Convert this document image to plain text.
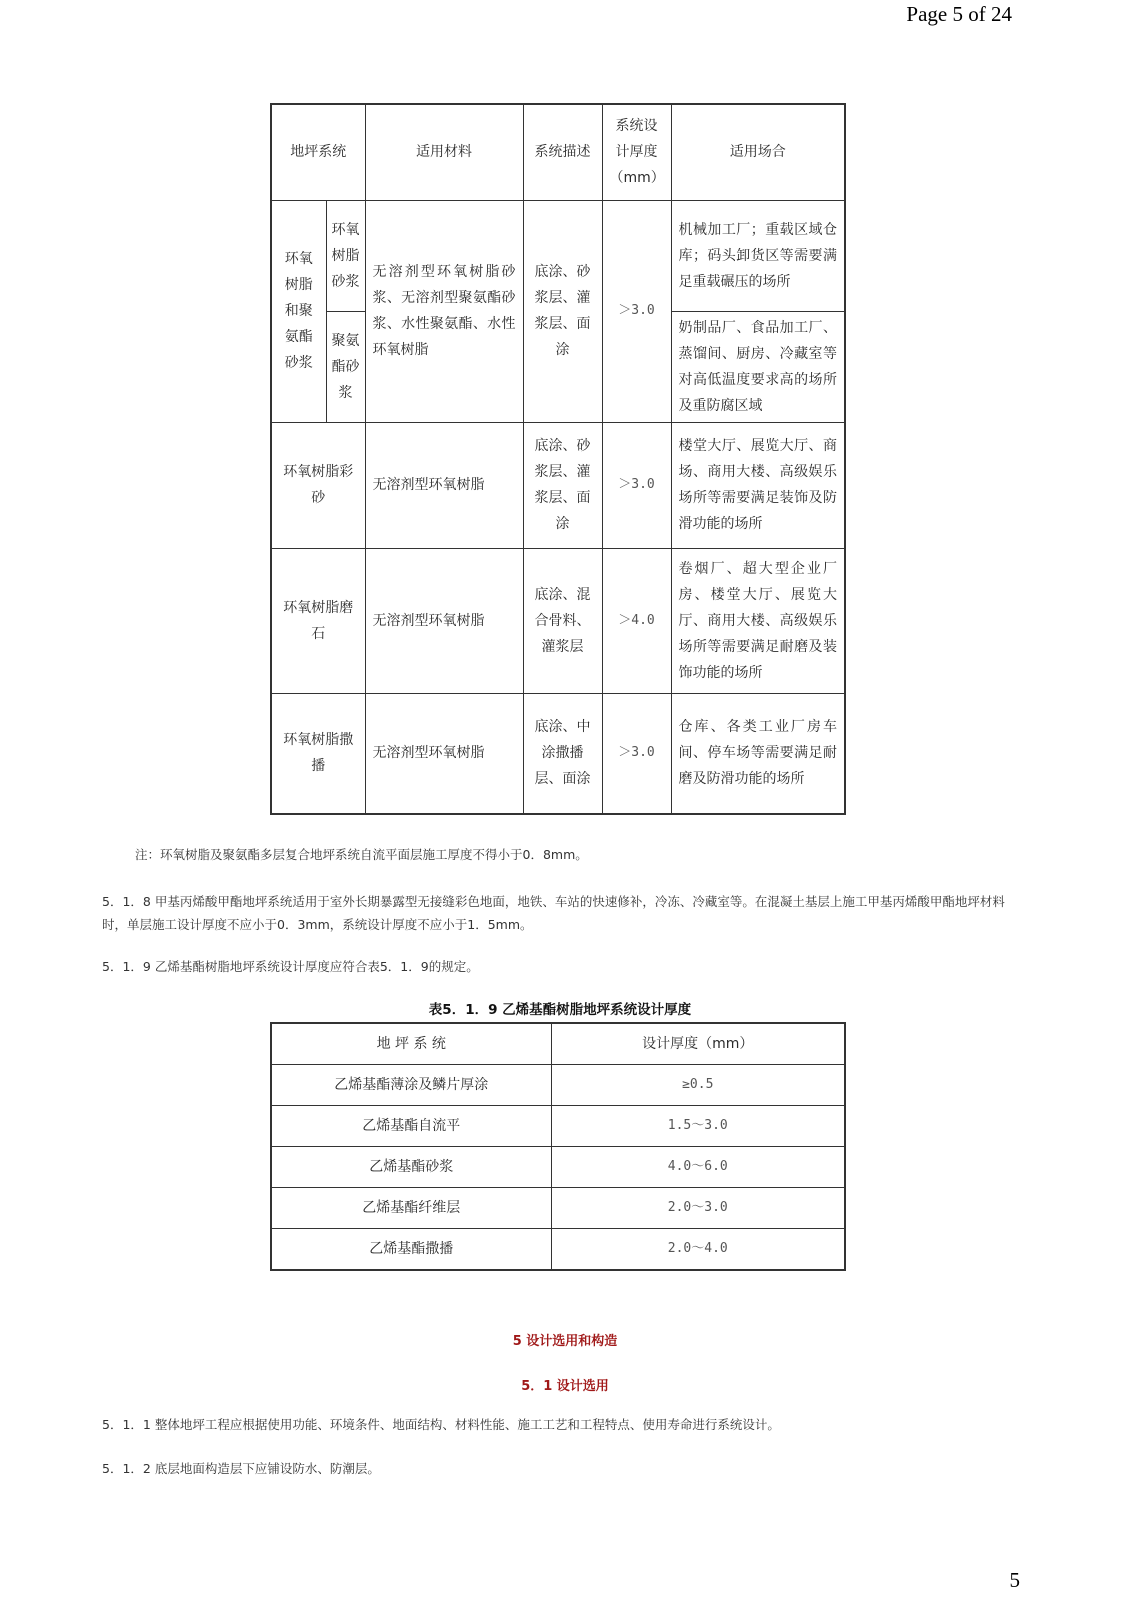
Page 5 of 24
地坪系统		适用材料	系统描述	系统设计厚度（mm）	适用场合
环氧树脂和聚氨酯砂浆	环氧树脂砂浆	无溶剂型环氧树脂砂浆、无溶剂型聚氨酯砂浆、水性聚氨酯、水性环氧树脂	底涂、砂浆层、灌浆层、面涂	＞3.0	机械加工厂；重载区域仓库；码头卸货区等需要满足重载碾压的场所
	聚氨酯砂浆				奶制品厂、食品加工厂、蒸馏间、厨房、冷藏室等对高低温度要求高的场所及重防腐区域
环氧树脂彩砂		无溶剂型环氧树脂	底涂、砂浆层、灌浆层、面涂	＞3.0	楼堂大厅、展览大厅、商场、商用大楼、高级娱乐场所等需要满足装饰及防滑功能的场所
环氧树脂磨石		无溶剂型环氧树脂	底涂、混合骨料、灌浆层	＞4.0	卷烟厂、超大型企业厂房、楼堂大厅、展览大厅、商用大楼、高级娱乐场所等需要满足耐磨及装饰功能的场所
环氧树脂撒播		无溶剂型环氧树脂	底涂、中涂撒播层、面涂	＞3.0	仓库、各类工业厂房车间、停车场等需要满足耐磨及防滑功能的场所
注：环氧树脂及聚氨酯多层复合地坪系统自流平面层施工厚度不得小于0．8mm。
5．1．8 甲基丙烯酸甲酯地坪系统适用于室外长期暴露型无接缝彩色地面，地铁、车站的快速修补，冷冻、冷藏室等。在混凝土基层上施工甲基丙烯酸甲酯地坪材料时，单层施工设计厚度不应小于0．3mm，系统设计厚度不应小于1．5mm。
5．1．9 乙烯基酯树脂地坪系统设计厚度应符合表5．1．9的规定。
表5．1．9 乙烯基酯树脂地坪系统设计厚度
地 坪 系 统	设计厚度（mm）
乙烯基酯薄涂及鳞片厚涂	≥0.5
乙烯基酯自流平	1.5～3.0
乙烯基酯砂浆	4.0～6.0
乙烯基酯纤维层	2.0～3.0
乙烯基酯撒播	2.0～4.0
5 设计选用和构造
5．1 设计选用
5．1．1 整体地坪工程应根据使用功能、环境条件、地面结构、材料性能、施工工艺和工程特点、使用寿命进行系统设计。
5．1．2 底层地面构造层下应铺设防水、防潮层。
5
